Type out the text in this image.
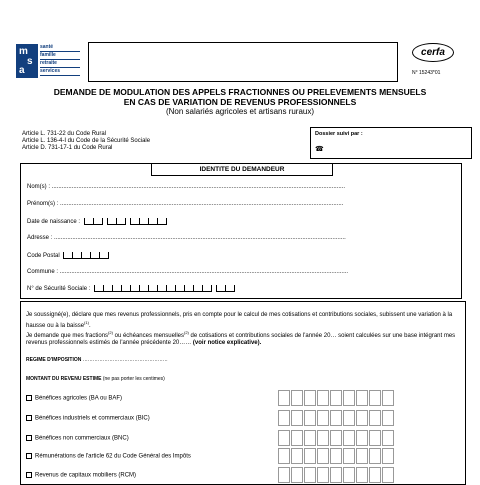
m
s
a
santé
famille
retraite
services
cerfa
N° 15243*01
DEMANDE DE MODULATION DES APPELS FRACTIONNES OU PRELEVEMENTS MENSUELS
EN CAS DE VARIATION DE REVENUS PROFESSIONNELS
(Non salariés agricoles et artisans ruraux)
Article L. 731-22 du Code Rural
Article L. 136-4-I du Code de la Sécurité Sociale
Article D. 731-17-1 du Code Rural
Dossier suivi par :
☎
IDENTITE DU DEMANDEUR
Nom(s) : ................................................................................................................................................................................
Prénom(s) : ..........................................................................................................................................................................
Date de naissance :
Adresse : ...............................................................................................................................................................................
Code Postal
Commune : .............................................................................................................................................................................
N° de Sécurité Sociale :
Je soussigné(e), déclare que mes revenus professionnels, pris en compte pour le calcul de mes cotisations et contributions sociales, subissent une variation à la hausse ou à la baisse$^{(1)}$.
Je demande que mes fractions$^{(2)}$ ou échéances mensuelles$^{(2)}$ de cotisations et contributions sociales de l'année 20… soient calculées sur une base intégrant mes revenus professionnels estimés de l'année précédente 20…… (voir notice explicative).
REGIME D'IMPOSITION ……………………………………………
MONTANT DU REVENU ESTIME (ne pas porter les centimes)
Bénéfices agricoles (BA ou BAF)
Bénéfices industriels et commerciaux (BIC)
Bénéfices non commerciaux (BNC)
Rémunérations de l'article 62 du Code Général des Impôts
Revenus de capitaux mobiliers (RCM)
